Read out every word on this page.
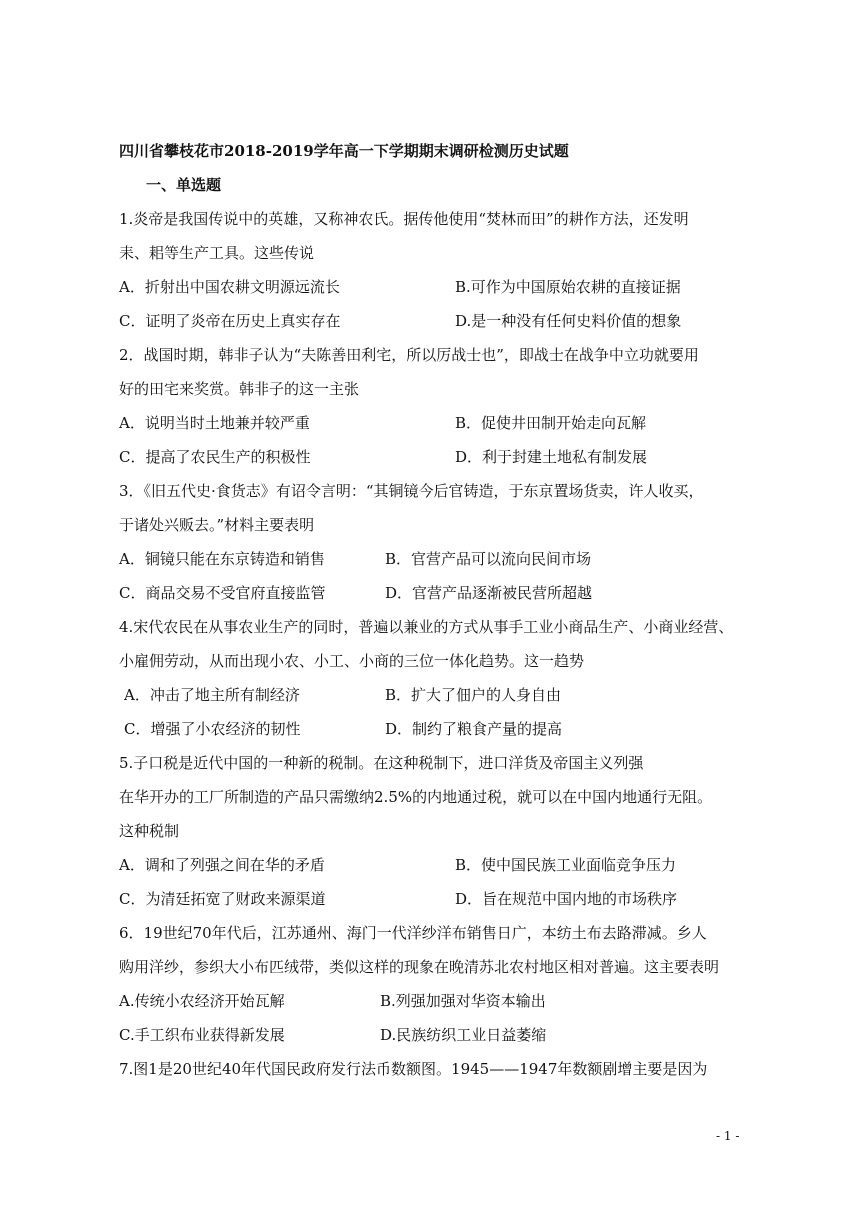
四川省攀枝花市2018-2019学年高一下学期期末调研检测历史试题
一、单选题
1.炎帝是我国传说中的英雄，又称神农氏。据传他使用“焚林而田”的耕作方法，还发明
耒、耜等生产工具。这些传说
A．折射出中国农耕文明源远流长	B.可作为中国原始农耕的直接证据
C．证明了炎帝在历史上真实存在	D.是一种没有任何史料价值的想象
2．战国时期，韩非子认为“夫陈善田利宅，所以厉战士也”，即战士在战争中立功就要用
好的田宅来奖赏。韩非子的这一主张
A．说明当时土地兼并较严重	B．促使井田制开始走向瓦解
C．提高了农民生产的积极性	D．利于封建土地私有制发展
3．《旧五代史·食货志》有诏令言明：“其铜镜今后官铸造，于东京置场货卖，许人收买，
于诸处兴贩去。”材料主要表明
A．铜镜只能在东京铸造和销售	B．官营产品可以流向民间市场
C．商品交易不受官府直接监管	D．官营产品逐渐被民营所超越
4.宋代农民在从事农业生产的同时，普遍以兼业的方式从事手工业小商品生产、小商业经营、
小雇佣劳动，从而出现小农、小工、小商的三位一体化趋势。这一趋势
A．冲击了地主所有制经济	B．扩大了佃户的人身自由
C．增强了小农经济的韧性	D．制约了粮食产量的提高
5.子口税是近代中国的一种新的税制。在这种税制下，进口洋货及帝国主义列强
在华开办的工厂所制造的产品只需缴纳2.5%的内地通过税，就可以在中国内地通行无阻。
这种税制
A．调和了列强之间在华的矛盾	B．使中国民族工业面临竞争压力
C．为清廷拓宽了财政来源渠道	D．旨在规范中国内地的市场秩序
6．19世纪70年代后，江苏通州、海门一代洋纱洋布销售日广，本纺土布去路滞减。乡人
购用洋纱，参织大小布匹绒带，类似这样的现象在晚清苏北农村地区相对普遍。这主要表明
A.传统小农经济开始瓦解	B.列强加强对华资本输出
C.手工织布业获得新发展	D.民族纺织工业日益萎缩
7.图1是20世纪40年代国民政府发行法币数额图。1945——1947年数额剧增主要是因为
- 1 -
